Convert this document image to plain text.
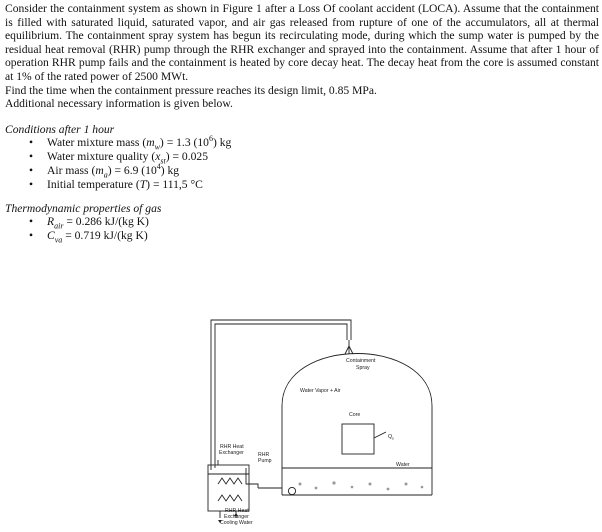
Consider the containment system as shown in Figure 1 after a Loss Of coolant accident (LOCA). Assume that the containment is filled with saturated liquid, saturated vapor, and air gas released from rupture of one of the accumulators, all at thermal equilibrium. The containment spray system has begun its recirculating mode, during which the sump water is pumped by the residual heat removal (RHR) pump through the RHR exchanger and sprayed into the containment. Assume that after 1 hour of operation RHR pump fails and the containment is heated by core decay heat. The decay heat from the core is assumed constant at 1% of the rated power of 2500 MWt.

Find the time when the containment pressure reaches its design limit, 0.85 MPa.

Additional necessary information is given below.

Conditions after 1 hour

• Water mixture mass $(m_w) = 1.3$ $(10^6)$ kg
• Water mixture quality $(x_{st}) = 0.025$
• Air mass $(m_a) = 6.9$ $(10^4)$ kg
• Initial temperature (T) = 111,5 °C

Thermodynamic properties of gas

• $R_{air} = 0.286$ kJ/(kg K)
• $C_{va} = 0.719$ kJ/(kg K)
Containment
Spray
Water Vapor + Air
Core
$Q_s$
Water
RHR Heat
Exchanger	RHR
Pump
RHR Heat
Exchanger
Cooling Water
